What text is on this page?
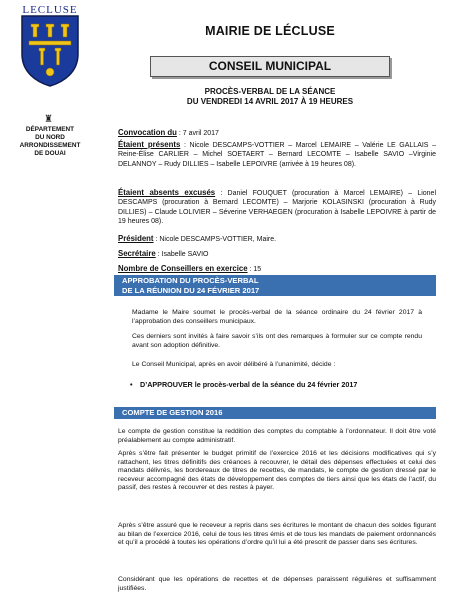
LECLUSE
♜
DÉPARTEMENT
DU NORD
ARRONDISSEMENT
DE DOUAI
MAIRIE DE LÉCLUSE
CONSEIL MUNICIPAL
PROCÈS-VERBAL DE LA SÉANCE
DU VENDREDI 14 AVRIL 2017 À 19 HEURES
Convocation du : 7 avril 2017
Étaient présents : Nicole DESCAMPS-VOTTIER – Marcel LEMAIRE – Valérie LE GALLAIS – Reine-Élise CARLIER – Michel SOETAERT – Bernard LECOMTE – Isabelle SAVIO –Virginie DELANNOY – Rudy DILLIES – Isabelle LEPOIVRE (arrivée à 19 heures 08).
Étaient absents excusés : Daniel FOUQUET (procuration à Marcel LEMAIRE) – Lionel DESCAMPS (procuration à Bernard LECOMTE) – Marjorie KOLASINSKI (procuration à Rudy DILLIES) – Claude LOLIVIER – Séverine VERHAEGEN (procuration à Isabelle LEPOIVRE à partir de 19 heures 08).
Président : Nicole DESCAMPS-VOTTIER, Maire.
Secrétaire : Isabelle SAVIO
Nombre de Conseillers en exercice : 15
APPROBATION DU PROCÈS-VERBAL
DE LA RÉUNION DU 24 FÉVRIER 2017
Madame le Maire soumet le procès-verbal de la séance ordinaire du 24 février 2017 à l’approbation des conseillers municipaux.
Ces derniers sont invités à faire savoir s’ils ont des remarques à formuler sur ce compte rendu avant son adoption définitive.
Le Conseil Municipal, après en avoir délibéré à l’unanimité, décide :
• D’APPROUVER le procès-verbal de la séance du 24 février 2017
COMPTE DE GESTION 2016
Le compte de gestion constitue la reddition des comptes du comptable à l’ordonnateur. Il doit être voté préalablement au compte administratif.
Après s’être fait présenter le budget primitif de l’exercice 2016 et les décisions modificatives qui s’y rattachent, les titres définitifs des créances à recouvrer, le détail des dépenses effectuées et celui des mandats délivrés, les bordereaux de titres de recettes, de mandats, le compte de gestion dressé par le receveur accompagné des états de développement des comptes de tiers ainsi que les états de l’actif, du passif, des restes à recouvrer et des restes à payer.
Après s’être assuré que le receveur a repris dans ses écritures le montant de chacun des soldes figurant au bilan de l’exercice 2016, celui de tous les titres émis et de tous les mandats de paiement ordonnancés et qu’il a procédé à toutes les opérations d’ordre qu’il lui a été prescrit de passer dans ses écritures.
Considérant que les opérations de recettes et de dépenses paraissent régulières et suffisamment justifiées.
